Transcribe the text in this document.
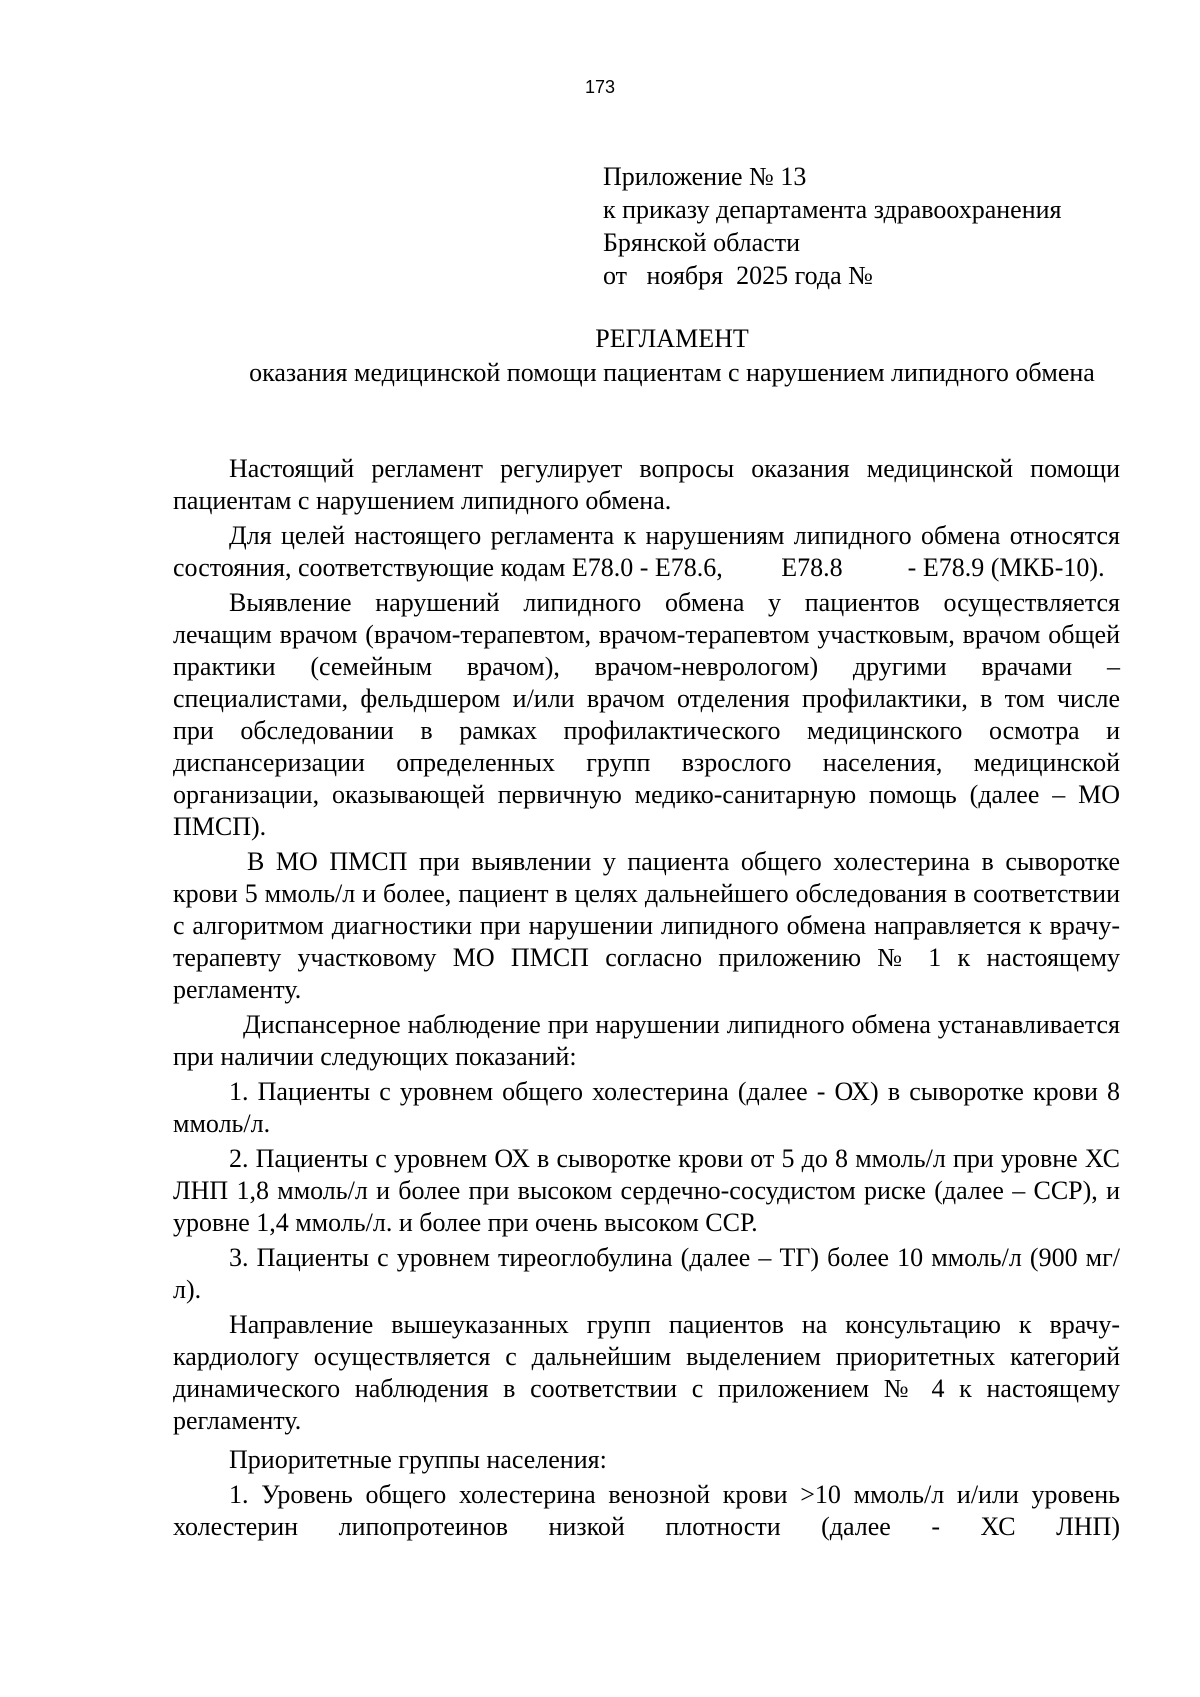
173
Приложение № 13
к приказу департамента здравоохранения
Брянской области
от   ноября  2025 года №
РЕГЛАМЕНТ
оказания медицинской помощи пациентам с нарушением липидного обмена

Настоящий регламент регулирует вопросы оказания медицинской помощи пациентам с нарушением липидного обмена.

Для целей настоящего регламента к нарушениям липидного обмена относятся состояния, соответствующие кодам Е78.0 - Е78.6,         Е78.8          - Е78.9 (МКБ-10).

Выявление нарушений липидного обмена у пациентов осуществляется лечащим врачом (врачом-терапевтом, врачом-терапевтом участковым, врачом общей практики (семейным врачом), врачом-неврологом) другими врачами – специалистами, фельдшером и/или врачом отделения профилактики, в том числе при обследовании в рамках профилактического медицинского осмотра и диспансеризации определенных групп взрослого населения, медицинской организации, оказывающей первичную медико-санитарную помощь (далее – МО ПМСП).

В МО ПМСП при выявлении у пациента общего холестерина в сыворотке крови 5 ммоль/л и более, пациент в целях дальнейшего обследования в соответствии с алгоритмом диагностики при нарушении липидного обмена направляется к врачу-терапевту участковому МО ПМСП согласно приложению № 1 к настоящему регламенту.

Диспансерное наблюдение при нарушении липидного обмена устанавливается при наличии следующих показаний:

1. Пациенты с уровнем общего холестерина (далее - ОХ) в сыворотке крови 8 ммоль/л.

2. Пациенты с уровнем ОХ в сыворотке крови от 5 до 8 ммоль/л при уровне ХС ЛНП 1,8 ммоль/л и более при высоком сердечно-сосудистом риске (далее – ССР), и уровне 1,4 ммоль/л. и более при очень высоком ССР.

3. Пациенты с уровнем тиреоглобулина (далее – ТГ) более 10 ммоль/л (900 мг/л).

Направление вышеуказанных групп пациентов на консультацию к врачу-кардиологу осуществляется с дальнейшим выделением приоритетных категорий динамического наблюдения в соответствии с приложением № 4 к настоящему регламенту.

Приоритетные группы населения:

1. Уровень общего холестерина венозной крови >10 ммоль/л и/или уровень холестерин липопротеинов низкой плотности (далее - ХС ЛНП)
